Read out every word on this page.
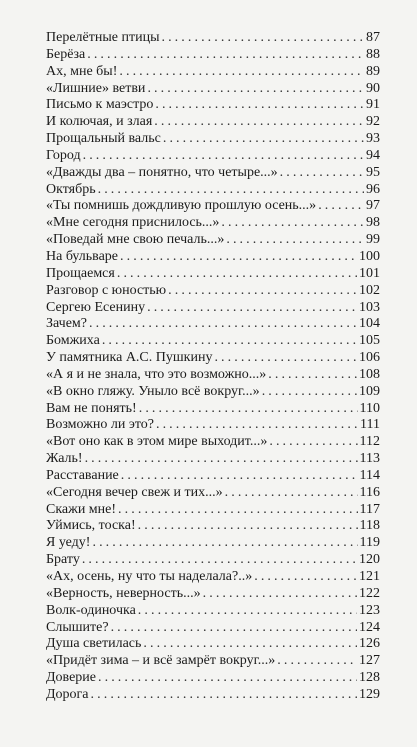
Перелётные птицы . . .	87
Берёза . . .	88
Ах, мне бы! . . .	89
«Лишние» ветви . . .	90
Письмо к маэстро . . .	91
И колючая, и злая . . .	92
Прощальный вальс . . .	93
Город . . .	94
«Дважды два – понятно, что четыре...» . . .	95
Октябрь . . .	96
«Ты помнишь дождливую прошлую осень...» . . .	97
«Мне сегодня приснилось...» . . .	98
«Поведай мне свою печаль...» . . .	99
На бульваре . . .	100
Прощаемся . . .	101
Разговор с юностью . . .	102
Сергею Есенину . . .	103
Зачем? . . .	104
Бомжиха . . .	105
У памятника А.С. Пушкину . . .	106
«А я и не знала, что это возможно...» . . .	108
«В окно гляжу. Уныло всё вокруг...» . . .	109
Вам не понять! . . .	110
Возможно ли это? . . .	111
«Вот оно как в этом мире выходит...» . . .	112
Жаль! . . .	113
Расставание . . .	114
«Сегодня вечер свеж и тих...» . . .	116
Скажи мне! . . .	117
Уймись, тоска! . . .	118
Я уеду! . . .	119
Брату . . .	120
«Ах, осень, ну что ты наделала?..» . . .	121
«Верность, неверность...» . . .	122
Волк-одиночка . . .	123
Слышите? . . .	124
Душа светилась . . .	126
«Придёт зима – и всё замрёт вокруг...» . . .	127
Доверие . . .	128
Дорога . . .	129
